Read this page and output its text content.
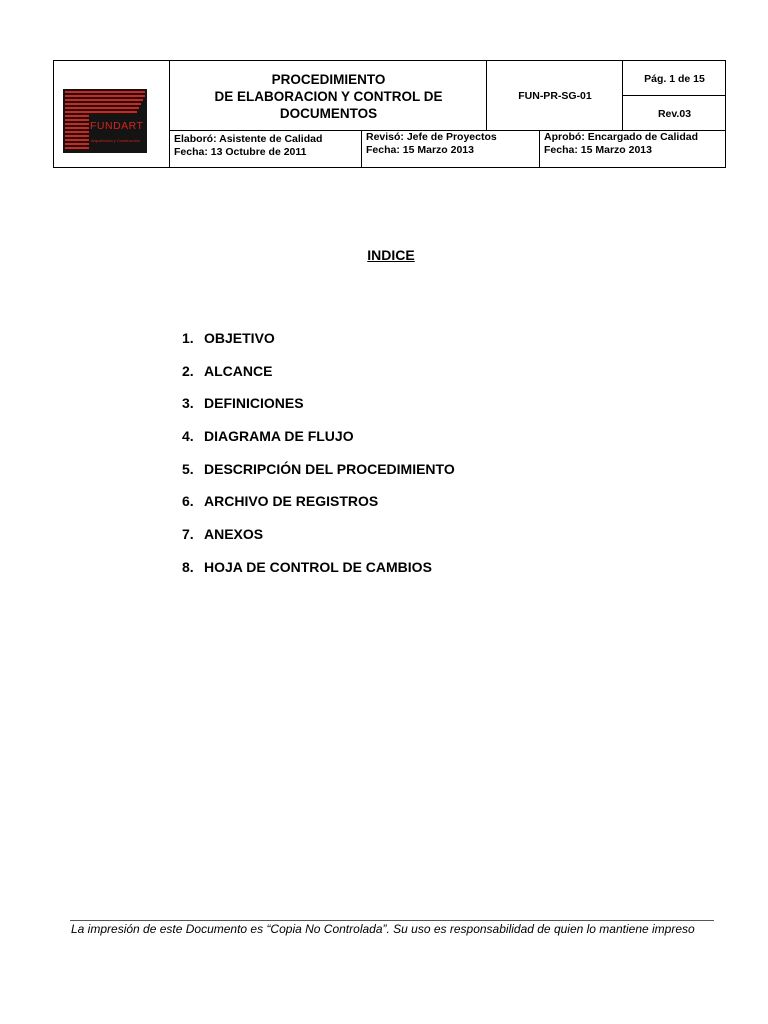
FUNDART
Arquitectura y Construcción
PROCEDIMIENTO
DE ELABORACION Y CONTROL DE
DOCUMENTOS
FUN-PR-SG-01
Pág. 1 de 15
Rev.03
Elaboró: Asistente de Calidad
Fecha: 13 Octubre de 2011
Revisó: Jefe de Proyectos
Fecha: 15 Marzo 2013
Aprobó: Encargado de Calidad
Fecha: 15 Marzo 2013
INDICE
1. OBJETIVO
2. ALCANCE
3. DEFINICIONES
4. DIAGRAMA DE FLUJO
5. DESCRIPCIÓN DEL PROCEDIMIENTO
6. ARCHIVO DE REGISTROS
7. ANEXOS
8. HOJA DE CONTROL DE CAMBIOS
La impresión de este Documento es “Copia No Controlada”. Su uso es responsabilidad de quien lo mantiene impreso
